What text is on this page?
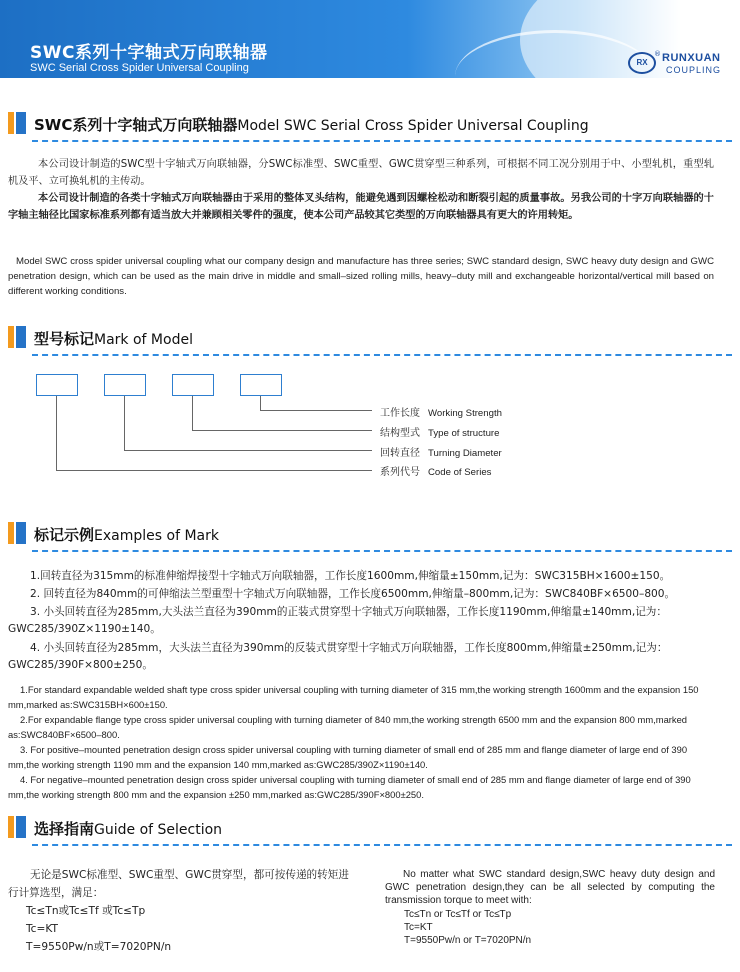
SWC系列十字轴式万向联轴器
SWC Serial Cross Spider Universal Coupling	RX
® RUNXUAN
COUPLING
SWC系列十字轴式万向联轴器Model SWC Serial Cross Spider Universal Coupling
本公司设计制造的SWC型十字轴式万向联轴器，分SWC标准型、SWC重型、GWC贯穿型三种系列，可根据不同工况分别用于中、小型轧机，重型轧机及平、立可换轧机的主传动。
本公司设计制造的各类十字轴式万向联轴器由于采用的整体叉头结构，能避免遇到因螺栓松动和断裂引起的质量事故。另我公司的十字万向联轴器的十字轴主轴径比国家标准系列都有适当放大并兼顾相关零件的强度，使本公司产品较其它类型的万向联轴器具有更大的许用转矩。
Model SWC cross spider universal coupling what our company design and manufacture has three series; SWC standard design, SWC heavy duty design and GWC penetration design, which can be used as the main drive in middle and small–sized rolling mills, heavy–duty mill and exchangeable horizontal/vertical mill based on different working conditions.
型号标记Mark of Model
工作长度 Working Strength
结构型式 Type of structure
回转直径 Turning Diameter
系列代号 Code of Series
标记示例Examples of Mark
1.回转直径为315mm的标准伸缩焊接型十字轴式万向联轴器，工作长度1600mm,伸缩量±150mm,记为：SWC315BH×1600±150。
2. 回转直径为840mm的可伸缩法兰型重型十字轴式万向联轴器，工作长度6500mm,伸缩量–800mm,记为：SWC840BF×6500–800。
3. 小头回转直径为285mm,大头法兰直径为390mm的正装式贯穿型十字轴式万向联轴器，工作长度1190mm,伸缩量±140mm,记为：GWC285/390Z×1190±140。
4. 小头回转直径为285mm，大头法兰直径为390mm的反装式贯穿型十字轴式万向联轴器，工作长度800mm,伸缩量±250mm,记为：GWC285/390F×800±250。
1.For standard expandable welded shaft type cross spider universal coupling with turning diameter of 315 mm,the working strength 1600mm and the expansion 150 mm,marked as:SWC315BH×600±150.
2.For expandable flange type cross spider universal coupling with turning diameter of 840 mm,the working strength 6500 mm and the expansion 800 mm,marked as:SWC840BF×6500–800.
3. For positive–mounted penetration design cross spider universal coupling with turning diameter of small end of 285 mm and flange diameter of large end of 390 mm,the working strength 1190 mm and the expansion 140 mm,marked as:GWC285/390Z×1190±140.
4. For negative–mounted penetration design cross spider universal coupling with turning diameter of small end of 285 mm and flange diameter of large end of 390 mm,the working strength 800 mm and the expansion ±250 mm,marked as:GWC285/390F×800±250.
选择指南Guide of Selection
无论是SWC标准型、SWC重型、GWC贯穿型，都可按传递的转矩进行计算选型，满足：
Tc≤Tn或Tc≤Tf 或Tc≤Tp
Tc=KT
T=9550Pw/n或T=7020PN/n
No matter what SWC standard design,SWC heavy duty design and GWC penetration design,they can be all selected by computing the transmission torque to meet with:
Tc≤Tn or Tc≤Tf or Tc≤Tp
Tc=KT
T=9550Pw/n or T=7020PN/n
